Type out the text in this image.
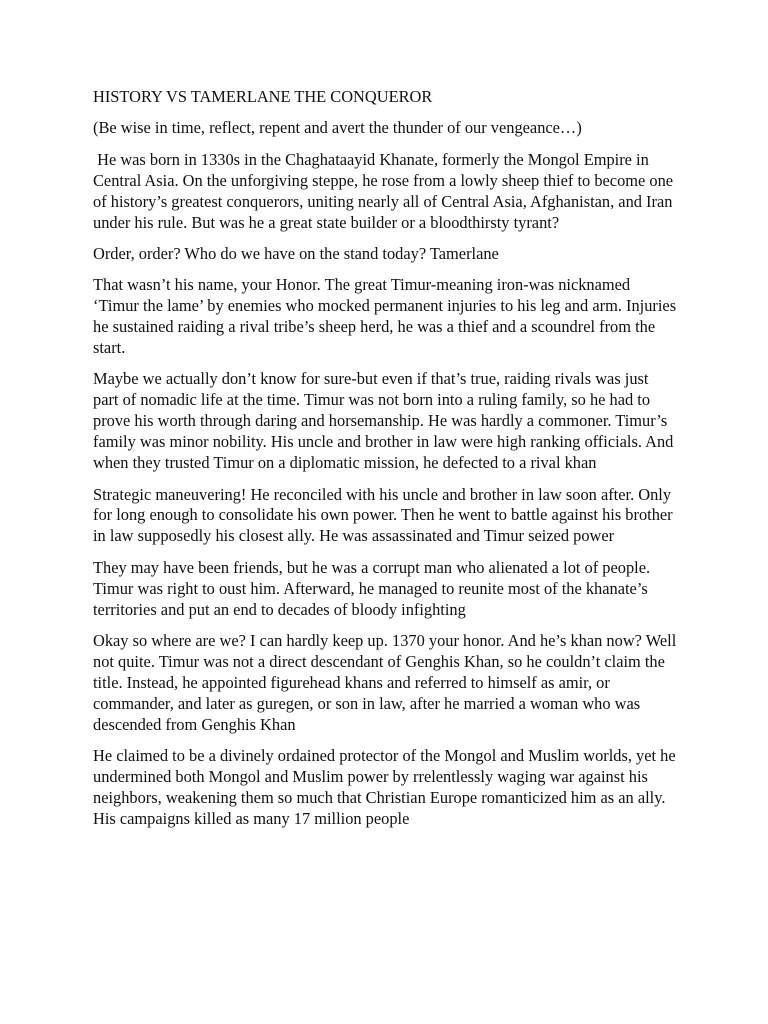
HISTORY VS TAMERLANE THE CONQUEROR

(Be wise in time, reflect, repent and avert the thunder of our vengeance…)

He was born in 1330s in the Chaghataayid Khanate, formerly the Mongol Empire in Central Asia. On the unforgiving steppe, he rose from a lowly sheep thief to become one of history’s greatest conquerors, uniting nearly all of Central Asia, Afghanistan, and Iran under his rule. But was he a great state builder or a bloodthirsty tyrant?

Order, order? Who do we have on the stand today? Tamerlane

That wasn’t his name, your Honor. The great Timur-meaning iron-was nicknamed ‘Timur the lame’ by enemies who mocked permanent injuries to his leg and arm. Injuries he sustained raiding a rival tribe’s sheep herd, he was a thief and a scoundrel from the start.

Maybe we actually don’t know for sure-but even if that’s true, raiding rivals was just part of nomadic life at the time. Timur was not born into a ruling family, so he had to prove his worth through daring and horsemanship. He was hardly a commoner. Timur’s family was minor nobility. His uncle and brother in law were high ranking officials. And when they trusted Timur on a diplomatic mission, he defected to a rival khan

Strategic maneuvering! He reconciled with his uncle and brother in law soon after. Only for long enough to consolidate his own power. Then he went to battle against his brother in law supposedly his closest ally. He was assassinated and Timur seized power

They may have been friends, but he was a corrupt man who alienated a lot of people. Timur was right to oust him. Afterward, he managed to reunite most of the khanate’s territories and put an end to decades of bloody infighting

Okay so where are we? I can hardly keep up. 1370 your honor. And he’s khan now? Well not quite. Timur was not a direct descendant of Genghis Khan, so he couldn’t claim the title. Instead, he appointed figurehead khans and referred to himself as amir, or commander, and later as guregen, or son in law, after he married a woman who was descended from Genghis Khan

He claimed to be a divinely ordained protector of the Mongol and Muslim worlds, yet he undermined both Mongol and Muslim power by rrelentlessly waging war against his neighbors, weakening them so much that Christian Europe romanticized him as an ally. His campaigns killed as many 17 million people
